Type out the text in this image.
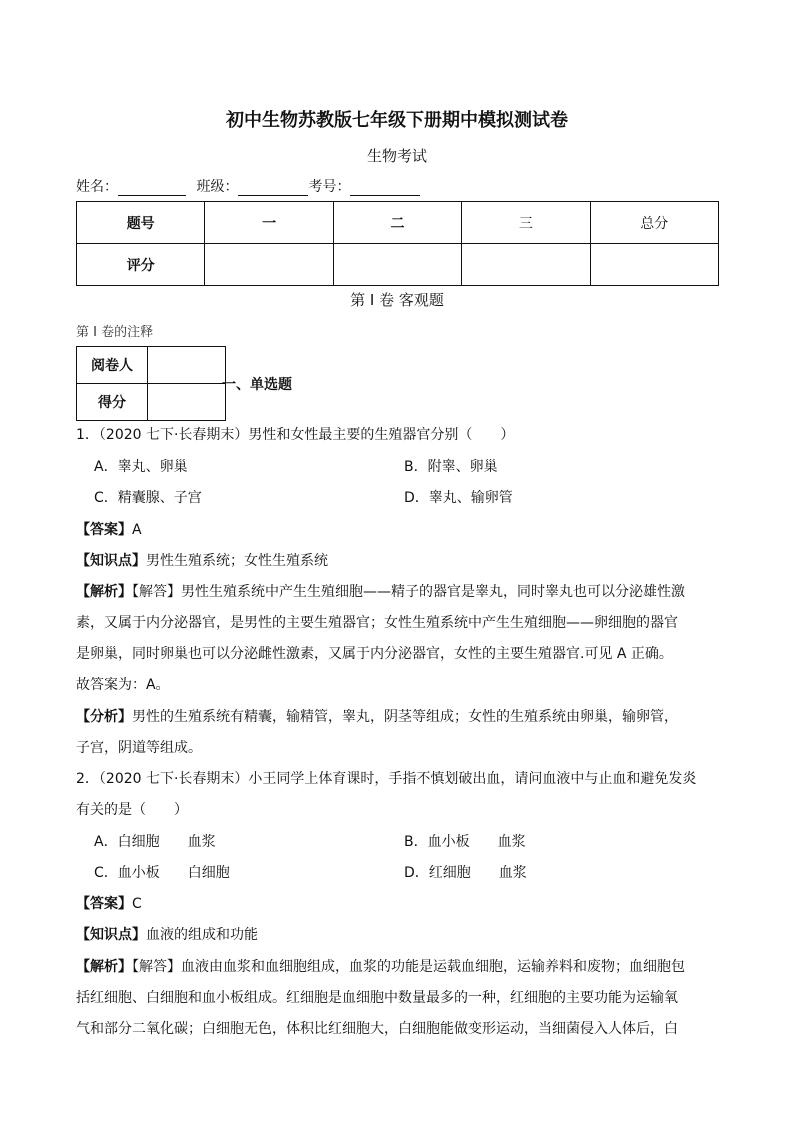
初中生物苏教版七年级下册期中模拟测试卷
生物考试
姓名：	班级：	考号：
题号	一	二	三	总分
评分				
第 I 卷 客观题
第 I 卷的注释
阅卷人	
得分	
一、单选题
1．（2020 七下·长春期末）男性和女性最主要的生殖器官分别（　　）
A．睾丸、卵巢	B．附睾、卵巢
C．精囊腺、子宫	D．睾丸、输卵管
【答案】A
【知识点】男性生殖系统；女性生殖系统
【解析】【解答】男性生殖系统中产生生殖细胞——精子的器官是睾丸，同时睾丸也可以分泌雄性激
素，又属于内分泌器官，是男性的主要生殖器官；女性生殖系统中产生生殖细胞——卵细胞的器官
是卵巢，同时卵巢也可以分泌雌性激素，又属于内分泌器官，女性的主要生殖器官.可见 A 正确。
故答案为：A。
【分析】男性的生殖系统有精囊，输精管，睾丸，阴茎等组成；女性的生殖系统由卵巢，输卵管，
子宫，阴道等组成。
2．（2020 七下·长春期末）小王同学上体育课时，手指不慎划破出血，请问血液中与止血和避免发炎
有关的是（　　）
A．白细胞　　血浆	B．血小板　　血浆
C．血小板　　白细胞	D．红细胞　　血浆
【答案】C
【知识点】血液的组成和功能
【解析】【解答】血液由血浆和血细胞组成，血浆的功能是运载血细胞，运输养料和废物；血细胞包
括红细胞、白细胞和血小板组成。红细胞是血细胞中数量最多的一种，红细胞的主要功能为运输氧
气和部分二氧化碳；白细胞无色，体积比红细胞大，白细胞能做变形运动，当细菌侵入人体后，白
